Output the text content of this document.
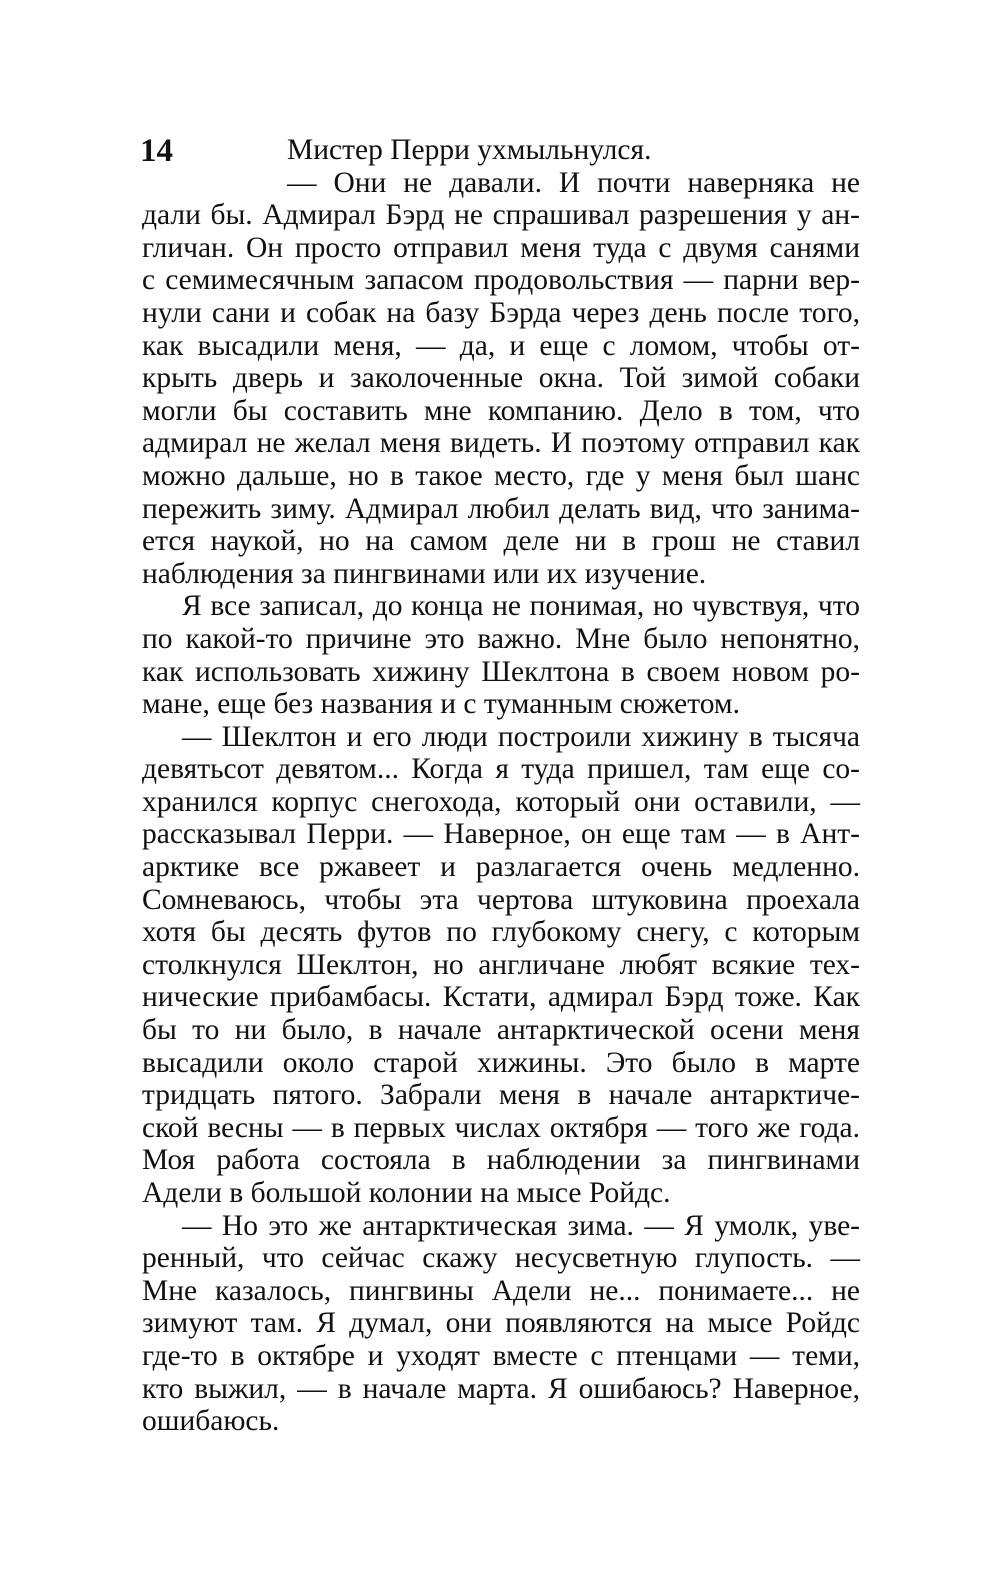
14	Мистер Перри ухмыльнулся.
— Они не давали. И почти наверняка не
дали бы. Адмирал Бэрд не спрашивал разрешения у ан-
гличан. Он просто отправил меня туда с двумя санями
с семимесячным запасом продовольствия — парни вер-
нули сани и собак на базу Бэрда через день после того,
как высадили меня, — да, и еще с ломом, чтобы от-
крыть дверь и заколоченные окна. Той зимой собаки
могли бы составить мне компанию. Дело в том, что
адмирал не желал меня видеть. И поэтому отправил как
можно дальше, но в такое место, где у меня был шанс
пережить зиму. Адмирал любил делать вид, что занима-
ется наукой, но на самом деле ни в грош не ставил
наблюдения за пингвинами или их изучение.
Я все записал, до конца не понимая, но чувствуя, что
по какой-то причине это важно. Мне было непонятно,
как использовать хижину Шеклтона в своем новом ро-
мане, еще без названия и с туманным сюжетом.
— Шеклтон и его люди построили хижину в тысяча
девятьсот девятом... Когда я туда пришел, там еще со-
хранился корпус снегохода, который они оставили, —
рассказывал Перри. — Наверное, он еще там — в Ант-
арктике все ржавеет и разлагается очень медленно.
Сомневаюсь, чтобы эта чертова штуковина проехала
хотя бы десять футов по глубокому снегу, с которым
столкнулся Шеклтон, но англичане любят всякие тех-
нические прибамбасы. Кстати, адмирал Бэрд тоже. Как
бы то ни было, в начале антарктической осени меня
высадили около старой хижины. Это было в марте
тридцать пятого. Забрали меня в начале антарктиче-
ской весны — в первых числах октября — того же года.
Моя работа состояла в наблюдении за пингвинами
Адели в большой колонии на мысе Ройдс.
— Но это же антарктическая зима. — Я умолк, уве-
ренный, что сейчас скажу несусветную глупость. —
Мне казалось, пингвины Адели не... понимаете... не
зимуют там. Я думал, они появляются на мысе Ройдс
где-то в октябре и уходят вместе с птенцами — теми,
кто выжил, — в начале марта. Я ошибаюсь? Наверное,
ошибаюсь.
